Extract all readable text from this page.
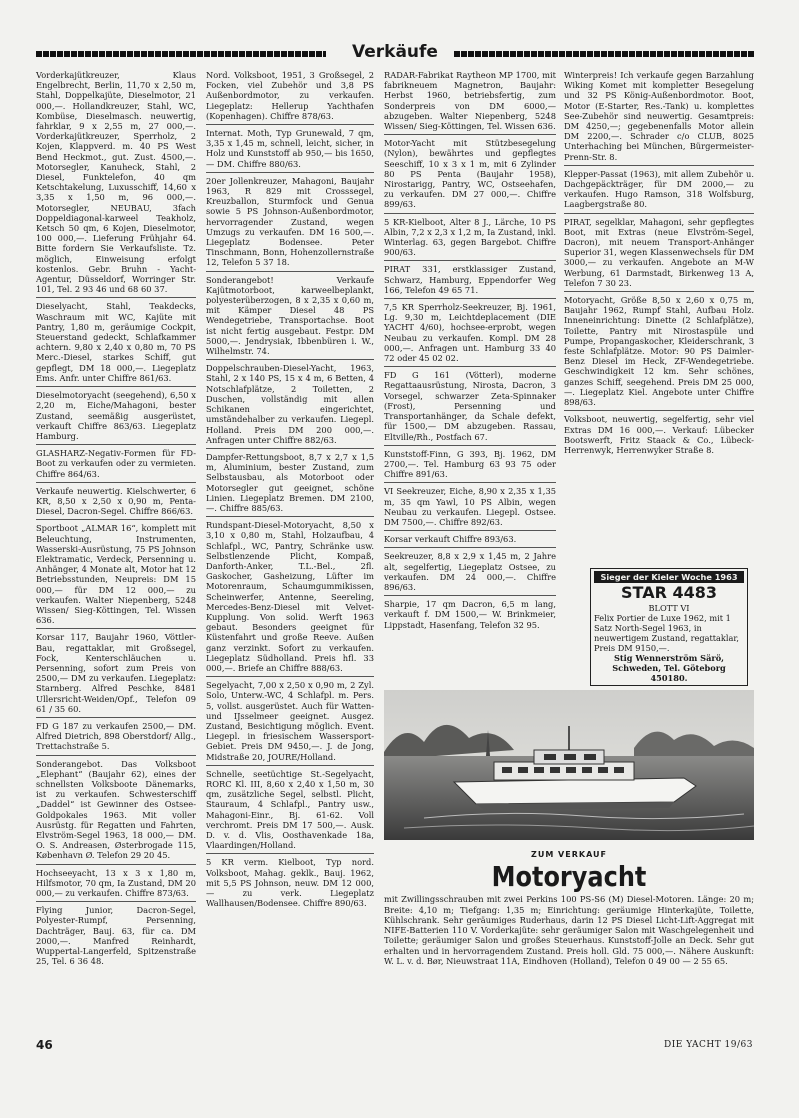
Verkäufe

Vorderkajütkreuzer, Klaus Engelbrecht, Berlin, 11,70 x 2,50 m, Stahl, Doppelkajüte, Dieselmotor, 21 000,—. Hollandkreuzer, Stahl, WC, Kombüse, Dieselmasch. neuwertig, fahrklar, 9 x 2,55 m, 27 000,—. Vorderkajütkreuzer, Sperrholz, 2 Kojen, Klappverd. m. 40 PS West Bend Heckmot., gut. Zust. 4500,—. Motorsegler, Kanuheck, Stahl, 2 Diesel, Funktelefon, 40 qm Ketschtakelung, Luxusschiff, 14,60 x 3,35 x 1,50 m, 96 000,—. Motorsegler, NEUBAU, 3fach Doppeldiagonal-karweel Teakholz, Ketsch 50 qm, 6 Kojen, Dieselmotor, 100 000,—. Lieferung Frühjahr 64. Bitte fordern Sie Verkaufsliste. Tz. möglich, Einweisung erfolgt kostenlos. Gebr. Bruhn - Yacht-Agentur, Düsseldorf, Worringer Str. 101, Tel. 2 93 46 und 68 60 37.

Dieselyacht, Stahl, Teakdecks, Waschraum mit WC, Kajüte mit Pantry, 1,80 m, geräumige Cockpit, Steuerstand gedeckt, Schlafkammer achtern. 9,80 x 2,40 x 0,80 m, 70 PS Merc.-Diesel, starkes Schiff, gut gepflegt, DM 18 000,—. Liegeplatz Ems. Anfr. unter Chiffre 861/63.

Dieselmotoryacht (seegehend), 6,50 x 2,20 m, Eiche/Mahagoni, bester Zustand, seemäßig ausgerüstet, verkauft Chiffre 863/63. Liegeplatz Hamburg.

GLASHARZ-Negativ-Formen für FD-Boot zu verkaufen oder zu vermieten. Chiffre 864/63.

Verkaufe neuwertig. Kielschwerter, 6 KR, 8,50 x 2,50 x 0,90 m, Penta-Diesel, Dacron-Segel. Chiffre 866/63.

Sportboot „ALMAR 16“, komplett mit Beleuchtung, Instrumenten, Wasserski-Ausrüstung, 75 PS Johnson Elektramatic, Verdeck, Persenning u. Anhänger, 4 Monate alt, Motor hat 12 Betriebsstunden, Neupreis: DM 15 000,— für DM 12 000,— zu verkaufen. Walter Niepenberg, 5248 Wissen/ Sieg-Köttingen, Tel. Wissen 636.

Korsar 117, Baujahr 1960, Vöttler-Bau, regattaklar, mit Großsegel, Fock, Kenterschläuchen u. Persenning, sofort zum Preis von 2500,— DM zu verkaufen. Liegeplatz: Starnberg. Alfred Peschke, 8481 Ullersricht-Weiden/Opf., Telefon 09 61 / 35 60.

FD G 187 zu verkaufen 2500,— DM. Alfred Dietrich, 898 Oberstdorf/ Allg., Trettachstraße 5.

Sonderangebot. Das Volksboot „Elephant“ (Baujahr 62), eines der schnellsten Volksboote Dänemarks, ist zu verkaufen. Schwesterschiff „Daddel“ ist Gewinner des Ostsee-Goldpokales 1963. Mit voller Ausrüstg. für Regatten und Fahrten, Elvström-Segel 1963, 18 000,— DM. O. S. Andreasen, Østerbrogade 115, København Ø. Telefon 29 20 45.

Hochseeyacht, 13 x 3 x 1,80 m, Hilfsmotor, 70 qm, Ia Zustand, DM 20 000,— zu verkaufen. Chiffre 873/63.

Flying Junior, Dacron-Segel, Polyester-Rumpf, Persenning, Dachträger, Bauj. 63, für ca. DM 2000,—. Manfred Reinhardt, Wuppertal-Langerfeld, Spitzenstraße 25, Tel. 6 36 48.

Nord. Volksboot, 1951, 3 Großsegel, 2 Focken, viel Zubehör und 3,8 PS Außenbordmotor, zu verkaufen. Liegeplatz: Hellerup Yachthafen (Kopenhagen). Chiffre 878/63.

Internat. Moth, Typ Grunewald, 7 qm, 3,35 x 1,45 m, schnell, leicht, sicher, in Holz und Kunststoff ab 950,— bis 1650,— DM. Chiffre 880/63.

20er Jollenkreuzer, Mahagoni, Baujahr 1963, R 829 mit Crosssegel, Kreuzballon, Sturmfock und Genua sowie 5 PS Johnson-Außenbordmotor, hervorragender Zustand, wegen Umzugs zu verkaufen. DM 16 500,—. Liegeplatz Bodensee. Peter Tinschmann, Bonn, Hohenzollernstraße 12, Telefon 5 37 18.

Sonderangebot! Verkaufe Kajütmotorboot, karweelbeplankt, polyesterüberzogen, 8 x 2,35 x 0,60 m, mit Kämper Diesel 48 PS Wendegetriebe, Transportachse. Boot ist nicht fertig ausgebaut. Festpr. DM 5000,—. Jendrysiak, Ibbenbüren i. W., Wilhelmstr. 74.

Doppelschrauben-Diesel-Yacht, 1963, Stahl, 2 x 140 PS, 15 x 4 m, 6 Betten, 4 Notschlafplätze, 2 Toiletten, 2 Duschen, vollständig mit allen Schikanen eingerichtet, umständehalber zu verkaufen. Liegepl. Holland. Preis DM 200 000,—. Anfragen unter Chiffre 882/63.

Dampfer-Rettungsboot, 8,7 x 2,7 x 1,5 m, Aluminium, bester Zustand, zum Selbstausbau, als Motorboot oder Motorsegler gut geeignet, schöne Linien. Liegeplatz Bremen. DM 2100,—. Chiffre 885/63.

Rundspant-Diesel-Motoryacht, 8,50 x 3,10 x 0,80 m, Stahl, Holzaufbau, 4 Schlafpl., WC, Pantry, Schränke usw. Selbstlenzende Plicht, Kompaß, Danforth-Anker, T.L.-Bel., 2fl. Gaskocher, Gasheizung, Lüfter im Motorenraum, Schaumgummikissen, Scheinwerfer, Antenne, Seereling, Mercedes-Benz-Diesel mit Velvet-Kupplung. Von solid. Werft 1963 gebaut. Besonders geeignet für Küstenfahrt und große Reeve. Außen ganz verzinkt. Sofort zu verkaufen. Liegeplatz Südholland. Preis hfl. 33 000,—. Briefe an Chiffre 888/63.

Segelyacht, 7,00 x 2,50 x 0,90 m, 2 Zyl. Solo, Unterw.-WC, 4 Schlafpl. m. Pers. 5, vollst. ausgerüstet. Auch für Watten- und IJsselmeer geeignet. Ausgez. Zustand, Besichtigung möglich. Event. Liegepl. in friesischem Wassersport-Gebiet. Preis DM 9450,—. J. de Jong, Midstraße 20, JOURE/Holland.

Schnelle, seetüchtige St.-Segelyacht, RORC Kl. III, 8,60 x 2,40 x 1,50 m, 30 qm, zusätzliche Segel, selbstl. Plicht, Stauraum, 4 Schlafpl., Pantry usw., Mahagoni-Einr., Bj. 61-62. Voll verchromt. Preis DM 17 500,—. Ausk. D. v. d. Vlis, Oosthavenkade 18a, Vlaardingen/Holland.

5 KR verm. Kielboot, Typ nord. Volksboot, Mahag. geklk., Bauj. 1962, mit 5,5 PS Johnson, neuw. DM 12 000,— zu verk. Liegeplatz Wallhausen/Bodensee. Chiffre 890/63.

RADAR-Fabrikat Raytheon MP 1700, mit fabrikneuem Magnetron, Baujahr: Herbst 1960, betriebsfertig, zum Sonderpreis von DM 6000,— abzugeben. Walter Niepenberg, 5248 Wissen/ Sieg-Köttingen, Tel. Wissen 636.

Motor-Yacht mit Stützbesegelung (Nylon), bewährtes und gepflegtes Seeschiff, 10 x 3 x 1 m, mit 6 Zylinder 80 PS Penta (Baujahr 1958), Nirostarigg, Pantry, WC, Ostseehafen, zu verkaufen. DM 27 000,—. Chiffre 899/63.

5 KR-Kielboot, Alter 8 J., Lärche, 10 PS Albin, 7,2 x 2,3 x 1,2 m, Ia Zustand, inkl. Winterlag. 63, gegen Bargebot. Chiffre 900/63.

PIRAT 331, erstklassiger Zustand, Schwarz, Hamburg, Eppendorfer Weg 166, Telefon 49 65 71.

7,5 KR Sperrholz-Seekreuzer, Bj. 1961, Lg. 9,30 m, Leichtdeplacement (DIE YACHT 4/60), hochsee-erprobt, wegen Neubau zu verkaufen. Kompl. DM 28 000,—. Anfragen unt. Hamburg 33 40 72 oder 45 02 02.

FD G 161 (Vötterl), moderne Regattaausrüstung, Nirosta, Dacron, 3 Vorsegel, schwarzer Zeta-Spinnaker (Frost), Persenning und Transportanhänger, da Schale defekt, für 1500,— DM abzugeben. Rassau, Eltville/Rh., Postfach 67.

Kunststoff-Finn, G 393, Bj. 1962, DM 2700,—. Tel. Hamburg 63 93 75 oder Chiffre 891/63.

VI Seekreuzer, Eiche, 8,90 x 2,35 x 1,35 m, 35 qm Yawl, 10 PS Albin, wegen Neubau zu verkaufen. Liegepl. Ostsee. DM 7500,—. Chiffre 892/63.

Korsar verkauft Chiffre 893/63.

Seekreuzer, 8,8 x 2,9 x 1,45 m, 2 Jahre alt, segelfertig, Liegeplatz Ostsee, zu verkaufen. DM 24 000,—. Chiffre 896/63.

Sharpie, 17 qm Dacron, 6,5 m lang, verkauft f. DM 1500,— W. Brinkmeier, Lippstadt, Hasenfang, Telefon 32 95.

Winterpreis! Ich verkaufe gegen Barzahlung Wiking Komet mit kompletter Besegelung und 32 PS König-Außenbordmotor. Boot, Motor (E-Starter, Res.-Tank) u. komplettes See-Zubehör sind neuwertig. Gesamtpreis: DM 4250,—; gegebenenfalls Motor allein DM 2200,—. Schrader c/o CLUB, 8025 Unterhaching bei München, Bürgermeister-Prenn-Str. 8.

Klepper-Passat (1963), mit allem Zubehör u. Dachgepäckträger, für DM 2000,— zu verkaufen. Hugo Ramson, 318 Wolfsburg, Laagbergstraße 80.

PIRAT, segelklar, Mahagoni, sehr gepflegtes Boot, mit Extras (neue Elvström-Segel, Dacron), mit neuem Transport-Anhänger Superior 31, wegen Klassenwechsels für DM 3000,— zu verkaufen. Angebote an M-W Werbung, 61 Darmstadt, Birkenweg 13 A, Telefon 7 30 23.

Motoryacht, Größe 8,50 x 2,60 x 0,75 m, Baujahr 1962, Rumpf Stahl, Aufbau Holz. Inneneinrichtung: Dinette (2 Schlafplätze), Toilette, Pantry mit Nirostaspüle und Pumpe, Propangaskocher, Kleiderschrank, 3 feste Schlafplätze. Motor: 90 PS Daimler-Benz Diesel im Heck, ZF-Wendegetriebe. Geschwindigkeit 12 km. Sehr schönes, ganzes Schiff, seegehend. Preis DM 25 000,—. Liegeplatz Kiel. Angebote unter Chiffre 898/63.

Volksboot, neuwertig, segelfertig, sehr viel Extras DM 16 000,—. Verkauf: Lübecker Bootswerft, Fritz Staack & Co., Lübeck-Herrenwyk, Herrenwyker Straße 8.

Sieger der Kieler Woche 1963
STAR 4483
BLOTT VI
Felix Portier de Luxe 1962, mit 1 Satz North-Segel 1963, in neuwertigem Zustand, regattaklar, Preis DM 9150,—.
Stig Wennerström Särö, Schweden, Tel. Göteborg 450180.
ZUM VERKAUF
Motoryacht
mit Zwillingsschrauben mit zwei Perkins 100 PS-S6 (M) Diesel-Motoren. Länge: 20 m; Breite: 4,10 m; Tiefgang: 1,35 m; Einrichtung: geräumige Hinterkajüte, Toilette, Kühlschrank. Sehr geräumiges Ruderhaus, darin 12 PS Diesel Licht-Lift-Aggregat mit NIFE-Batterien 110 V. Vorderkajüte: sehr geräumiger Salon mit Waschgelegenheit und Toilette; geräumiger Salon und großes Steuerhaus. Kunststoff-Jolle an Deck. Sehr gut erhalten und in hervorragendem Zustand. Preis holl. Gld. 75 000,—. Nähere Auskunft: W. L. v. d. Bør, Nieuwstraat 11A, Eindhoven (Holland), Telefon 0 49 00 — 2 55 65.
46	DIE YACHT 19/63
